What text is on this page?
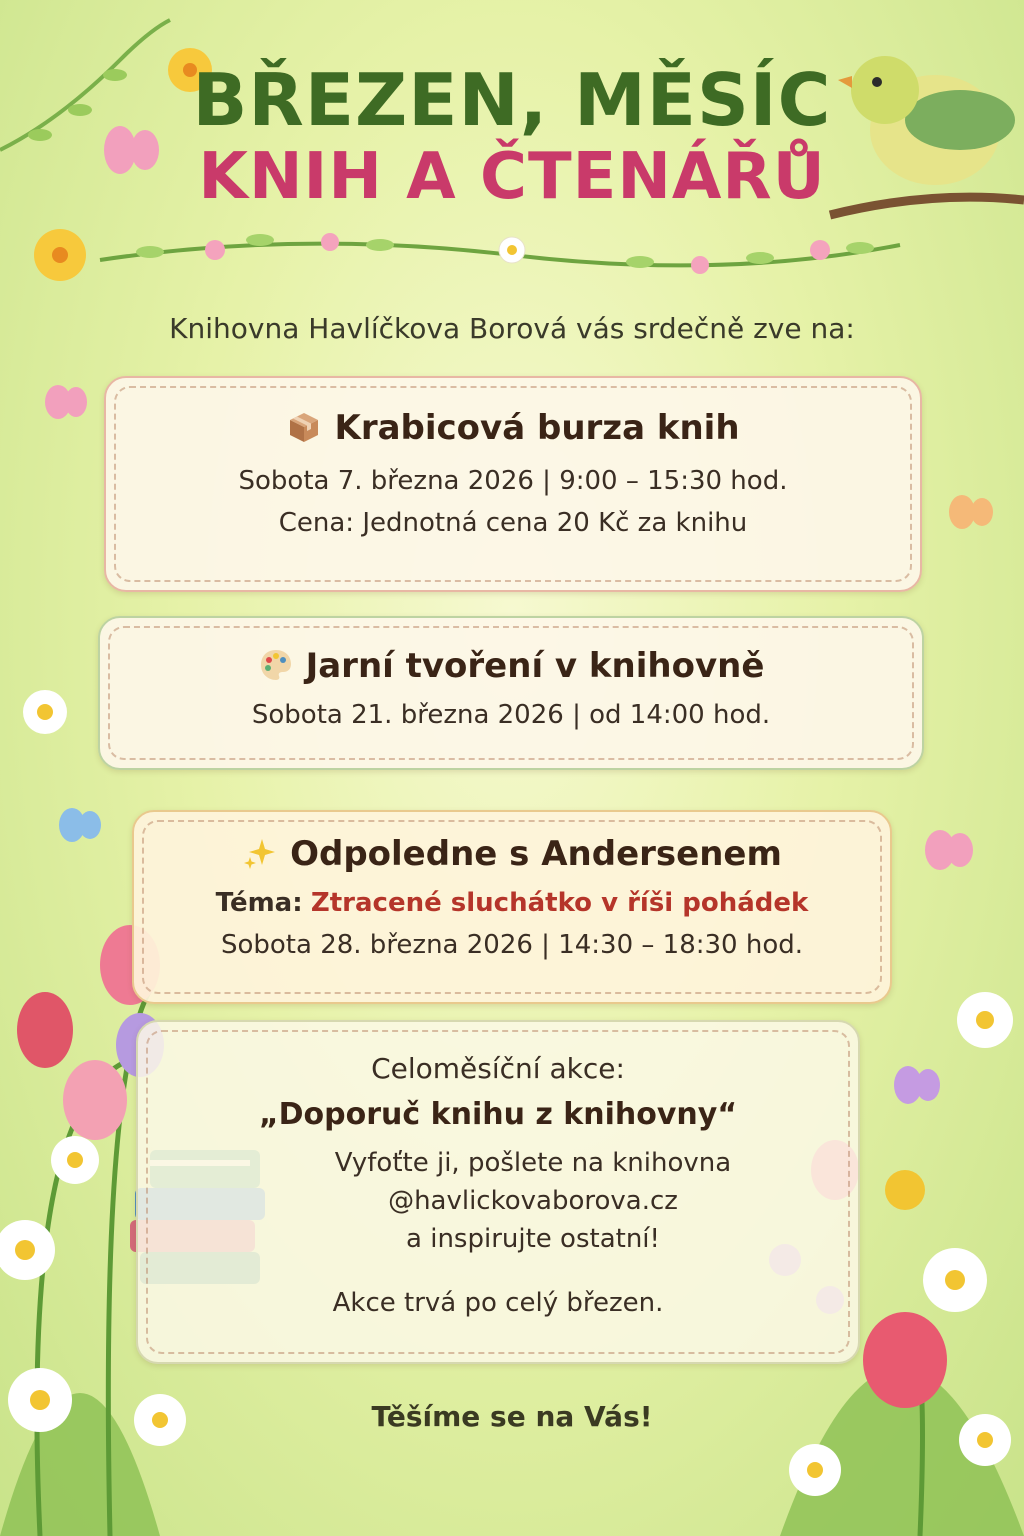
BŘEZEN, MĚSÍC
KNIH A ČTENÁŘŮ
Knihovna Havlíčkova Borová vás srdečně zve na:
Krabicová burza knih
Sobota 7. března 2026 | 9:00 – 15:30 hod.
Cena: Jednotná cena 20 Kč za knihu
Jarní tvoření v knihovně
Sobota 21. března 2026 | od 14:00 hod.
Odpoledne s Andersenem
Téma: Ztracené sluchátko v říši pohádek
Sobota 28. března 2026 | 14:30 – 18:30 hod.
Celoměsíční akce:
„Doporuč knihu z knihovny“
Vyfoťte ji, pošlete na knihovna
@havlickovaborova.cz
a inspirujte ostatní!
Akce trvá po celý březen.
Těšíme se na Vás!
